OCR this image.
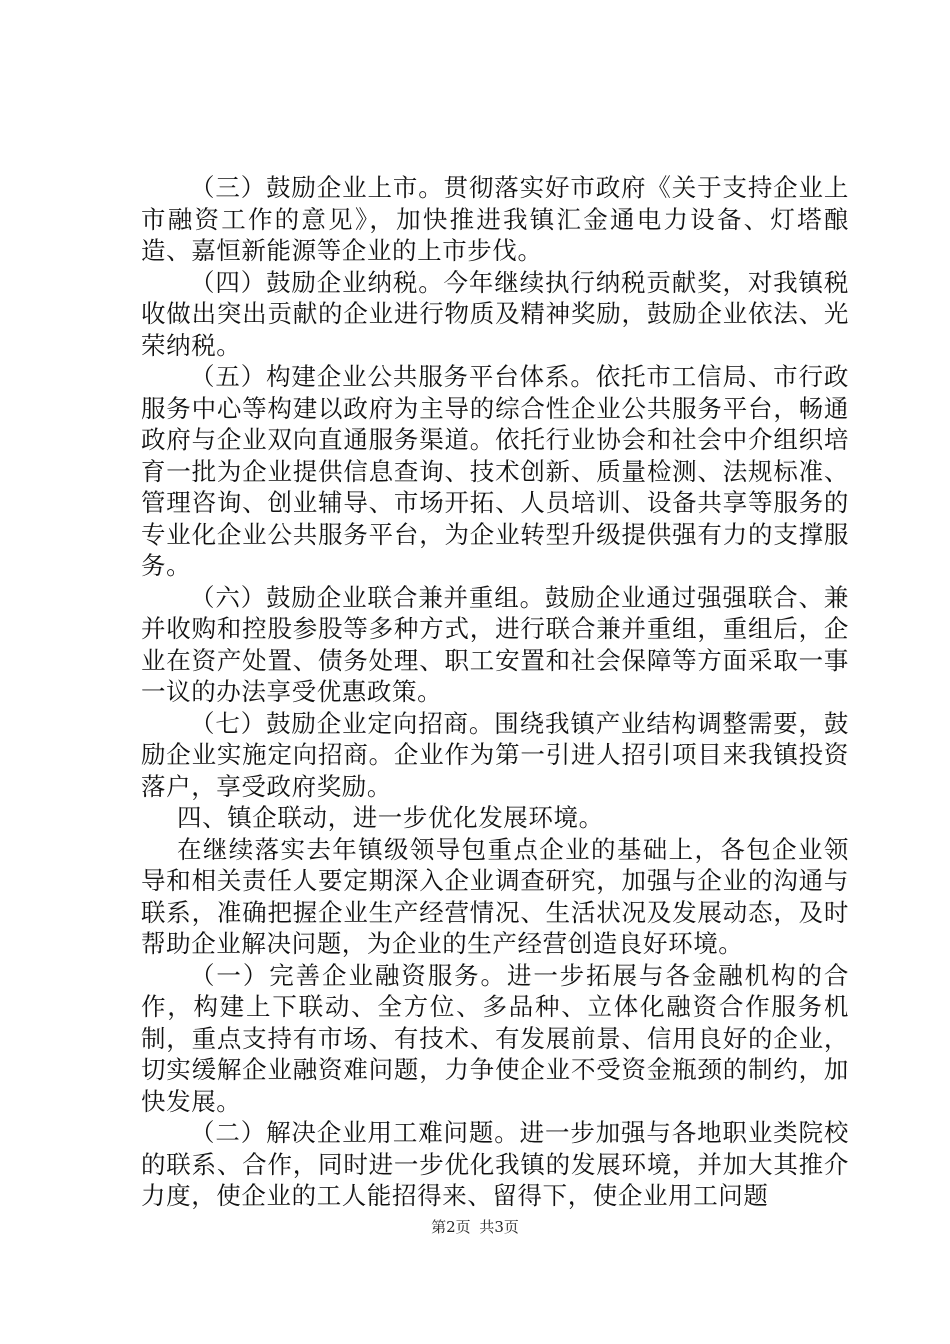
（三）鼓励企业上市。贯彻落实好市政府《关于支持企业上市融资工作的意见》，加快推进我镇汇金通电力设备、灯塔酿造、嘉恒新能源等企业的上市步伐。

（四）鼓励企业纳税。今年继续执行纳税贡献奖，对我镇税收做出突出贡献的企业进行物质及精神奖励，鼓励企业依法、光荣纳税。

（五）构建企业公共服务平台体系。依托市工信局、市行政服务中心等构建以政府为主导的综合性企业公共服务平台，畅通政府与企业双向直通服务渠道。依托行业协会和社会中介组织培育一批为企业提供信息查询、技术创新、质量检测、法规标准、管理咨询、创业辅导、市场开拓、人员培训、设备共享等服务的专业化企业公共服务平台，为企业转型升级提供强有力的支撑服务。

（六）鼓励企业联合兼并重组。鼓励企业通过强强联合、兼并收购和控股参股等多种方式，进行联合兼并重组，重组后，企业在资产处置、债务处理、职工安置和社会保障等方面采取一事一议的办法享受优惠政策。

（七）鼓励企业定向招商。围绕我镇产业结构调整需要，鼓励企业实施定向招商。企业作为第一引进人招引项目来我镇投资落户，享受政府奖励。

四、镇企联动，进一步优化发展环境。

在继续落实去年镇级领导包重点企业的基础上，各包企业领导和相关责任人要定期深入企业调查研究，加强与企业的沟通与联系，准确把握企业生产经营情况、生活状况及发展动态，及时帮助企业解决问题，为企业的生产经营创造良好环境。

（一）完善企业融资服务。进一步拓展与各金融机构的合作，构建上下联动、全方位、多品种、立体化融资合作服务机制，重点支持有市场、有技术、有发展前景、信用良好的企业，切实缓解企业融资难问题，力争使企业不受资金瓶颈的制约，加快发展。

（二）解决企业用工难问题。进一步加强与各地职业类院校的联系、合作，同时进一步优化我镇的发展环境，并加大其推介力度，使企业的工人能招得来、留得下，使企业用工问题

第2页 共3页
